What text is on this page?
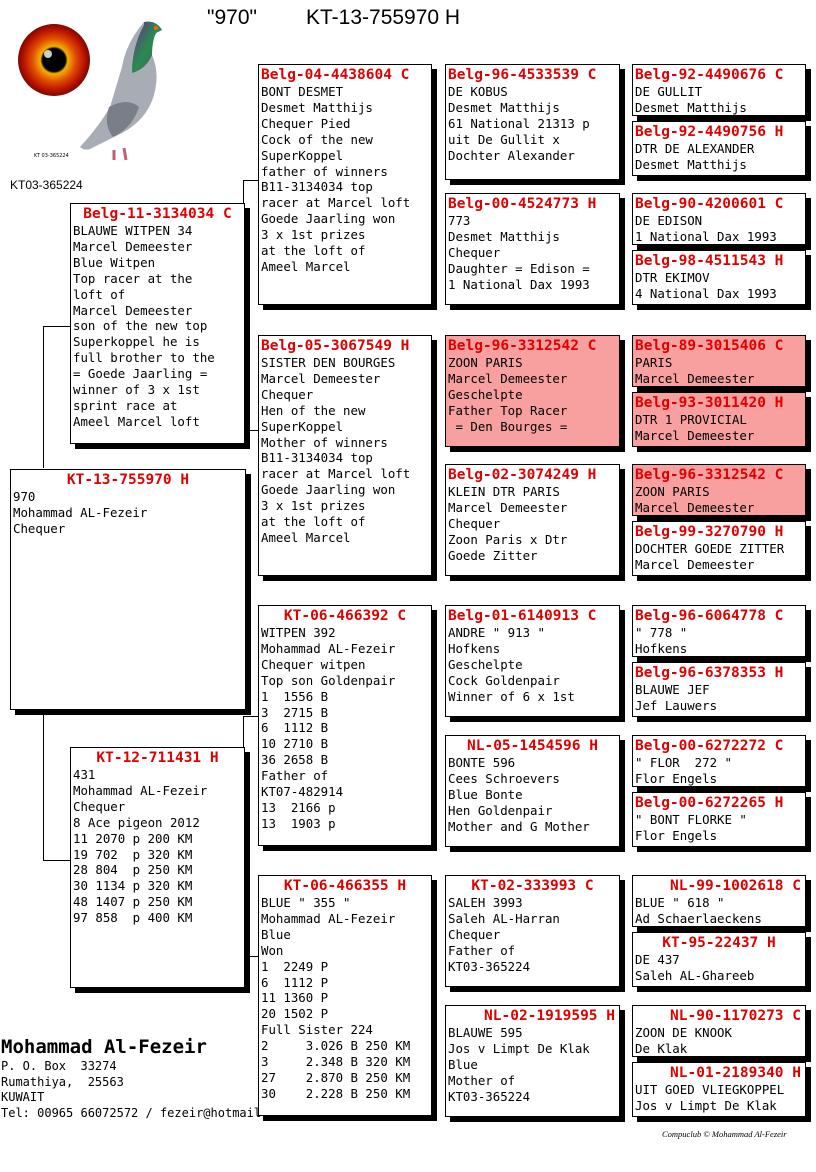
"970" KT-13-755970 H
KT 03-365224
KT03-365224
KT-13-755970 H
970
Mohammad AL-Fezeir
Chequer
Belg-11-3134034 C
BLAUWE WITPEN 34
Marcel Demeester
Blue Witpen
Top racer at the
loft of
Marcel Demeester
son of the new top
Superkoppel he is
full brother to the
= Goede Jaarling =
winner of 3 x 1st
sprint race at
Ameel Marcel loft
KT-12-711431 H
431
Mohammad AL-Fezeir
Chequer
8 Ace pigeon 2012
11 2070 p 200 KM
19 702  p 320 KM
28 804  p 250 KM
30 1134 p 320 KM
48 1407 p 250 KM
97 858  p 400 KM
Belg-04-4438604 C
BONT DESMET
Desmet Matthijs
Chequer Pied
Cock of the new
SuperKoppel
father of winners
B11-3134034 top
racer at Marcel loft
Goede Jaarling won
3 x 1st prizes
at the loft of
Ameel Marcel
Belg-05-3067549 H
SISTER DEN BOURGES
Marcel Demeester
Chequer
Hen of the new
SuperKoppel
Mother of winners
B11-3134034 top
racer at Marcel loft
Goede Jaarling won
3 x 1st prizes
at the loft of
Ameel Marcel
KT-06-466392 C
WITPEN 392
Mohammad AL-Fezeir
Chequer witpen
Top son Goldenpair
1  1556 B
3  2715 B
6  1112 B
10 2710 B
36 2658 B
Father of
KT07-482914
13  2166 p
13  1903 p
KT-06-466355 H
BLUE " 355 "
Mohammad AL-Fezeir
Blue
Won
1  2249 P
6  1112 P
11 1360 P
20 1502 P
Full Sister 224
2     3.026 B 250 KM
3     2.348 B 320 KM
27    2.870 B 250 KM
30    2.228 B 250 KM
Belg-96-4533539 C
DE KOBUS
Desmet Matthijs
61 National 21313 p
uit De Gullit x
Dochter Alexander
Belg-00-4524773 H
773
Desmet Matthijs
Chequer
Daughter = Edison =
1 National Dax 1993
Belg-96-3312542 C
ZOON PARIS
Marcel Demeester
Geschelpte
Father Top Racer
= Den Bourges =
Belg-02-3074249 H
KLEIN DTR PARIS
Marcel Demeester
Chequer
Zoon Paris x Dtr
Goede Zitter
Belg-01-6140913 C
ANDRE " 913 "
Hofkens
Geschelpte
Cock Goldenpair
Winner of 6 x 1st
NL-05-1454596 H
BONTE 596
Cees Schroevers
Blue Bonte
Hen Goldenpair
Mother and G Mother
KT-02-333993 C
SALEH 3993
Saleh AL-Harran
Chequer
Father of
KT03-365224
NL-02-1919595 H
BLAUWE 595
Jos v Limpt De Klak
Blue
Mother of
KT03-365224
Belg-92-4490676 C
DE GULLIT
Desmet Matthijs
Belg-92-4490756 H
DTR DE ALEXANDER
Desmet Matthijs
Belg-90-4200601 C
DE EDISON
1 National Dax 1993
Belg-98-4511543 H
DTR EKIMOV
4 National Dax 1993
Belg-89-3015406 C
PARIS
Marcel Demeester
Belg-93-3011420 H
DTR 1 PROVICIAL
Marcel Demeester
Belg-96-3312542 C
ZOON PARIS
Marcel Demeester
Belg-99-3270790 H
DOCHTER GOEDE ZITTER
Marcel Demeester
Belg-96-6064778 C
" 778 "
Hofkens
Belg-96-6378353 H
BLAUWE JEF
Jef Lauwers
Belg-00-6272272 C
" FLOR  272 "
Flor Engels
Belg-00-6272265 H
" BONT FLORKE "
Flor Engels
NL-99-1002618 C
BLUE " 618 "
Ad Schaerlaeckens
KT-95-22437 H
DE 437
Saleh AL-Ghareeb
NL-90-1170273 C
ZOON DE KNOOK
De Klak
NL-01-2189340 H
UIT GOED VLIEGKOPPEL
Jos v Limpt De Klak
Mohammad Al-Fezeir
P. O. Box  33274
Rumathiya,  25563
KUWAIT
Tel: 00965 66072572 / fezeir@hotmail.
Compuclub © Mohammad Al-Fezeir
